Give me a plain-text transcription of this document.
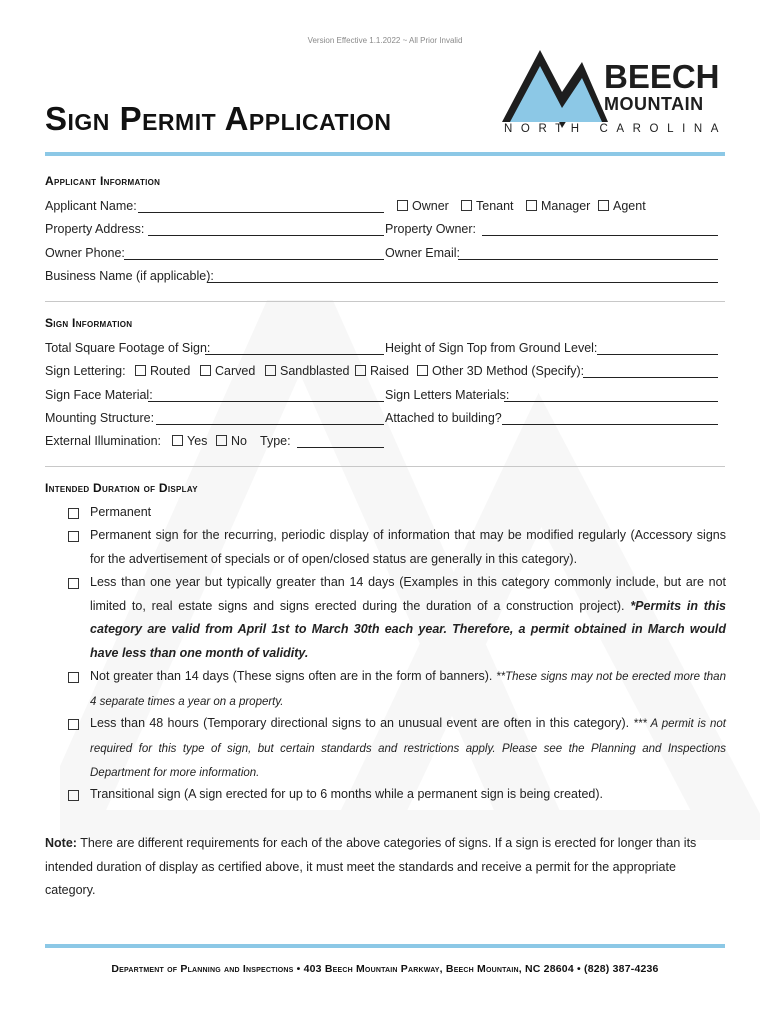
Version Effective 1.1.2022 ~ All Prior Invalid
Sign Permit Application
BEECH
MOUNTAIN
NORTH CAROLINA
Applicant Information
Applicant Name:	Owner	Tenant	Manager	Agent
Property Address:	Property Owner:
Owner Phone:	Owner Email:
Business Name (if applicable):
Sign Information
Total Square Footage of Sign:	Height of Sign Top from Ground Level:
Sign Lettering:	Routed	Carved	Sandblasted	Raised	Other 3D Method (Specify):
Sign Face Material:	Sign Letters Materials:
Mounting Structure:	Attached to building?
External Illumination:	Yes	No Type:
Intended Duration of Display
Permanent
Permanent sign for the recurring, periodic display of information that may be modified regularly (Accessory signs for the advertisement of specials or of open/closed status are generally in this category).
Less than one year but typically greater than 14 days (Examples in this category commonly include, but are not limited to, real estate signs and signs erected during the duration of a construction project). *Permits in this category are valid from April 1st to March 30th each year. Therefore, a permit obtained in March would have less than one month of validity.
Not greater than 14 days (These signs often are in the form of banners). **These signs may not be erected more than 4 separate times a year on a property.
Less than 48 hours (Temporary directional signs to an unusual event are often in this category). *** A permit is not required for this type of sign, but certain standards and restrictions apply. Please see the Planning and Inspections Department for more information.
Transitional sign (A sign erected for up to 6 months while a permanent sign is being created).
Note: There are different requirements for each of the above categories of signs. If a sign is erected for longer than its intended duration of display as certified above, it must meet the standards and receive a permit for the appropriate category.
Department of Planning and Inspections • 403 Beech Mountain Parkway, Beech Mountain, NC 28604 • (828) 387-4236
